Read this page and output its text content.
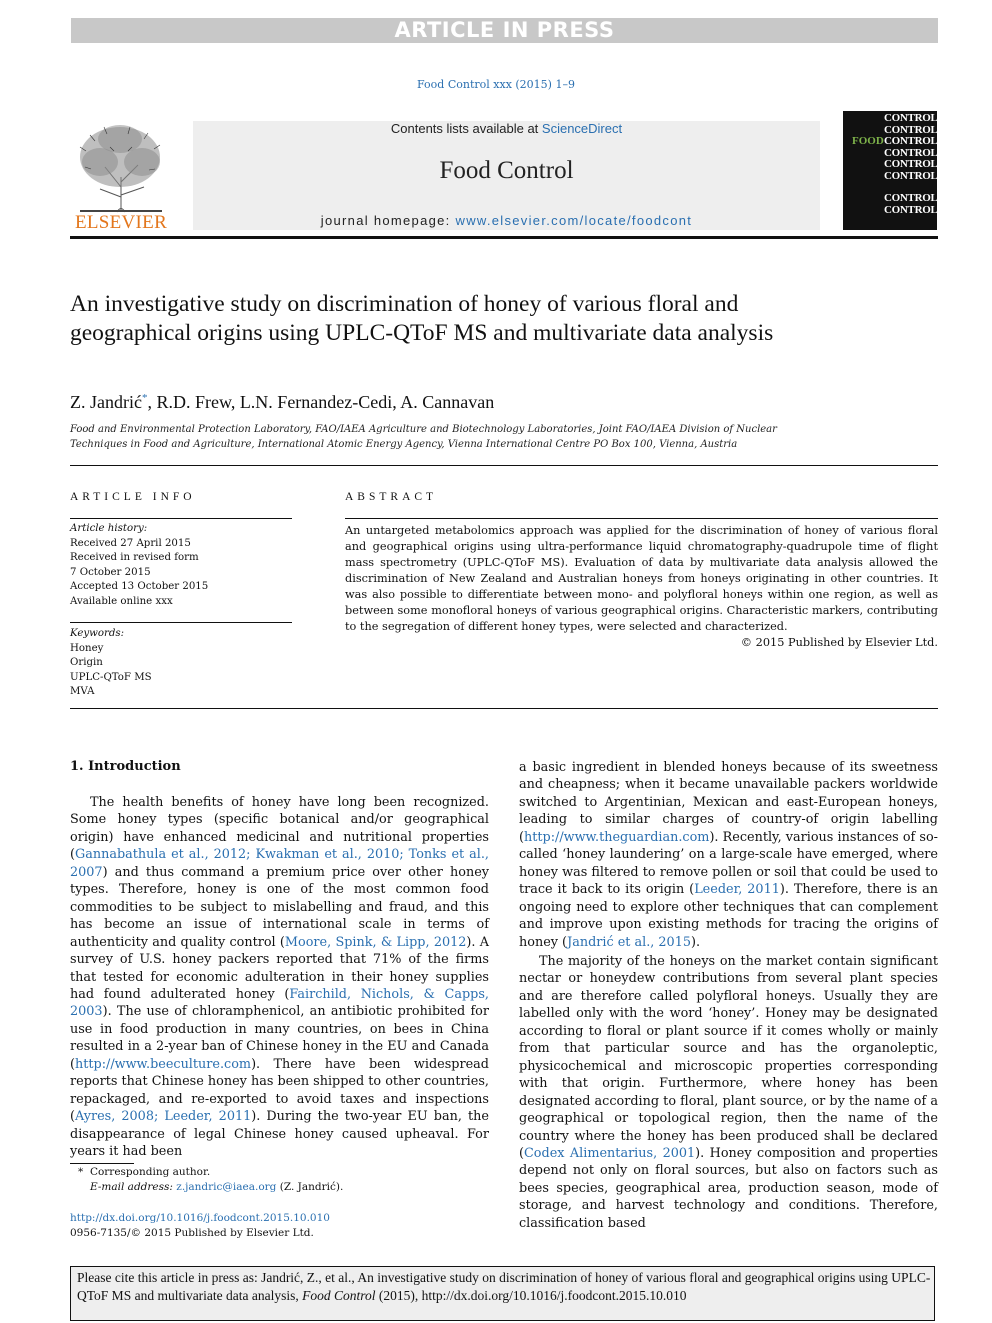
ARTICLE IN PRESS
Food Control xxx (2015) 1–9
ELSEVIER
Contents lists available at ScienceDirect
Food Control
journal homepage: www.elsevier.com/locate/foodcont
CONTROL
CONTROL
FOOD CONTROL
CONTROL
CONTROL
CONTROL
CONTROL
CONTROL
An investigative study on discrimination of honey of various floral and geographical origins using UPLC-QToF MS and multivariate data analysis
Z. Jandrić*, R.D. Frew, L.N. Fernandez-Cedi, A. Cannavan
Food and Environmental Protection Laboratory, FAO/IAEA Agriculture and Biotechnology Laboratories, Joint FAO/IAEA Division of Nuclear Techniques in Food and Agriculture, International Atomic Energy Agency, Vienna International Centre PO Box 100, Vienna, Austria
ARTICLE INFO
Article history:
Received 27 April 2015
Received in revised form
7 October 2015
Accepted 13 October 2015
Available online xxx
Keywords:
Honey
Origin
UPLC-QToF MS
MVA
ABSTRACT
An untargeted metabolomics approach was applied for the discrimination of honey of various floral and geographical origins using ultra-performance liquid chromatography-quadrupole time of flight mass spectrometry (UPLC-QToF MS). Evaluation of data by multivariate data analysis allowed the discrimination of New Zealand and Australian honeys from honeys originating in other countries. It was also possible to differentiate between mono- and polyfloral honeys within one region, as well as between some monofloral honeys of various geographical origins. Characteristic markers, contributing to the segregation of different honey types, were selected and characterized.
© 2015 Published by Elsevier Ltd.
1. Introduction

The health benefits of honey have long been recognized. Some honey types (specific botanical and/or geographical origin) have enhanced medicinal and nutritional properties (Gannabathula et al., 2012; Kwakman et al., 2010; Tonks et al., 2007) and thus command a premium price over other honey types. Therefore, honey is one of the most common food commodities to be subject to mislabelling and fraud, and this has become an issue of international scale in terms of authenticity and quality control (Moore, Spink, & Lipp, 2012). A survey of U.S. honey packers reported that 71% of the firms that tested for economic adulteration in their honey supplies had found adulterated honey (Fairchild, Nichols, & Capps, 2003). The use of chloramphenicol, an antibiotic prohibited for use in food production in many countries, on bees in China resulted in a 2-year ban of Chinese honey in the EU and Canada (http://www.beeculture.com). There have been widespread reports that Chinese honey has been shipped to other countries, repackaged, and re-exported to avoid taxes and inspections (Ayres, 2008; Leeder, 2011). During the two-year EU ban, the disappearance of legal Chinese honey caused upheaval. For years it had been

a basic ingredient in blended honeys because of its sweetness and cheapness; when it became unavailable packers worldwide switched to Argentinian, Mexican and east-European honeys, leading to similar charges of country-of origin labelling (http://www.theguardian.com). Recently, various instances of so-called ‘honey laundering’ on a large-scale have emerged, where honey was filtered to remove pollen or soil that could be used to trace it back to its origin (Leeder, 2011). Therefore, there is an ongoing need to explore other techniques that can complement and improve upon existing methods for tracing the origins of honey (Jandrić et al., 2015).

The majority of the honeys on the market contain significant nectar or honeydew contributions from several plant species and are therefore called polyfloral honeys. Usually they are labelled only with the word ‘honey’. Honey may be designated according to floral or plant source if it comes wholly or mainly from that particular source and has the organoleptic, physicochemical and microscopic properties corresponding with that origin. Furthermore, where honey has been designated according to floral, plant source, or by the name of a geographical or topological region, then the name of the country where the honey has been produced shall be declared (Codex Alimentarius, 2001). Honey composition and properties depend not only on floral sources, but also on factors such as bees species, geographical area, production season, mode of storage, and harvest technology and conditions. Therefore, classification based

* Corresponding author.
E-mail address: z.jandric@iaea.org (Z. Jandrić).
http://dx.doi.org/10.1016/j.foodcont.2015.10.010
0956-7135/© 2015 Published by Elsevier Ltd.
Please cite this article in press as: Jandrić, Z., et al., An investigative study on discrimination of honey of various floral and geographical origins using UPLC-QToF MS and multivariate data analysis, Food Control (2015), http://dx.doi.org/10.1016/j.foodcont.2015.10.010
